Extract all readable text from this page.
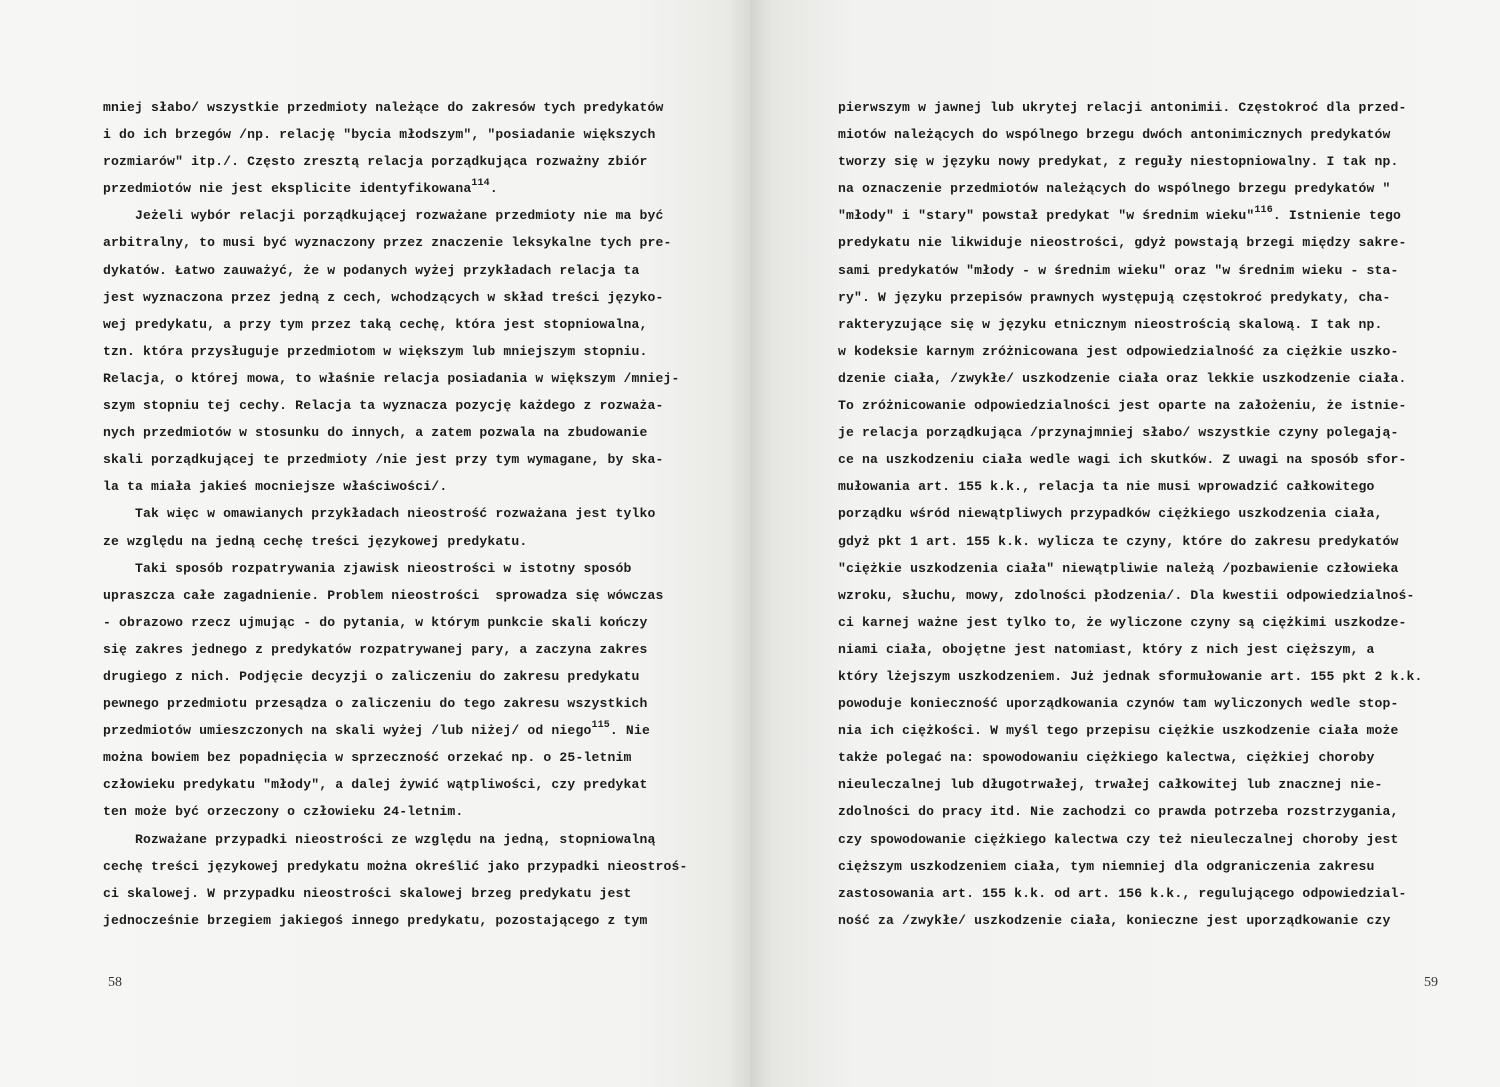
mniej słabo/ wszystkie przedmioty należące do zakresów tych predykatów
i do ich brzegów /np. relację "bycia młodszym", "posiadanie większych
rozmiarów" itp./. Często zresztą relacja porządkująca rozważny zbiór
przedmiotów nie jest eksplicite identyfikowana$^{114}$.
Jeżeli wybór relacji porządkującej rozważane przedmioty nie ma być
arbitralny, to musi być wyznaczony przez znaczenie leksykalne tych pre-
dykatów. Łatwo zauważyć, że w podanych wyżej przykładach relacja ta
jest wyznaczona przez jedną z cech, wchodzących w skład treści językо-
wej predykatu, a przy tym przez taką cechę, która jest stopniowalna,
tzn. która przysługuje przedmiotom w większym lub mniejszym stopniu.
Relacja, o której mowa, to właśnie relacja posiadania w większym /mniej-
szym stopniu tej cechy. Relacja ta wyznacza pozycję każdego z rozważa-
nych przedmiotów w stosunku do innych, a zatem pozwala na zbudowanie
skali porządkującej te przedmioty /nie jest przy tym wymagane, by ska-
la ta miała jakieś mocniejsze właściwości/.
Tak więc w omawianych przykładach nieostrość rozważana jest tylko
ze względu na jedną cechę treści językowej predykatu.
Taki sposób rozpatrywania zjawisk nieostrości w istotny sposób
upraszcza całe zagadnienie. Problem nieostrości  sprowadza się wówczas
- obrazowo rzecz ujmując - do pytania, w którym punkcie skali kończy
się zakres jednego z predykatów rozpatrywanej pary, a zaczyna zakres
drugiego z nich. Podjęcie decyzji o zaliczeniu do zakresu predykatu
pewnego przedmiotu przesądza o zaliczeniu do tego zakresu wszystkich
przedmiotów umieszczonych na skali wyżej /lub niżej/ od niego$^{115}$. Nie
można bowiem bez popadnięcia w sprzeczność orzekać np. o 25-letnim
człowieku predykatu "młody", a dalej żywić wątpliwości, czy predykat
ten może być orzeczony o człowieku 24-letnim.
Rozważane przypadki nieostrości ze względu na jedną, stopniowalną
cechę treści językowej predykatu można określić jako przypadki nieostroś-
ci skalowej. W przypadku nieostrości skalowej brzeg predykatu jest
jednocześnie brzegiem jakiegoś innego predykatu, pozostającego z tym
58
pierwszym w jawnej lub ukrytej relacji antonimii. Częstokroć dla przed-
miotów należących do wspólnego brzegu dwóch antonimicznych predykatów
tworzy się w języku nowy predykat, z reguły niestopniowalny. I tak np.
na oznaczenie przedmiotów należących do wspólnego brzegu predykatów "
"młody" i "stary" powstał predykat "w średnim wieku"$^{116}$. Istnienie tego
predykatu nie likwiduje nieostrości, gdyż powstają brzegi między sakre-
sami predykatów "młody - w średnim wieku" oraz "w średnim wieku - sta-
ry". W języku przepisów prawnych występują częstokroć predykaty, cha-
rakteryzujące się w języku etnicznym nieostrością skalową. I tak np.
w kodeksie karnym zróżnicowana jest odpowiedzialność za ciężkie uszko-
dzenie ciała, /zwykłe/ uszkodzenie ciała oraz lekkie uszkodzenie ciała.
To zróżnicowanie odpowiedzialności jest oparte na założeniu, że istnie-
je relacja porządkująca /przynajmniej słabo/ wszystkie czyny polegają-
ce na uszkodzeniu ciała wedle wagi ich skutków. Z uwagi na sposób sfor-
mułowania art. 155 k.k., relacja ta nie musi wprowadzić całkowitego
porządku wśród niewątpliwych przypadków ciężkiego uszkodzenia ciała,
gdyż pkt 1 art. 155 k.k. wylicza te czyny, które do zakresu predykatów
"ciężkie uszkodzenia ciała" niewątpliwie należą /pozbawienie człowieka
wzroku, słuchu, mowy, zdolności płodzenia/. Dla kwestii odpowiedzialnoś-
ci karnej ważne jest tylko to, że wyliczone czyny są ciężkimi uszkodze-
niami ciała, obojętne jest natomiast, który z nich jest cięższym, a
który lżejszym uszkodzeniem. Już jednak sformułowanie art. 155 pkt 2 k.k.
powoduje konieczność uporządkowania czynów tam wyliczonych wedle stop-
nia ich ciężkości. W myśl tego przepisu ciężkie uszkodzenie ciała może
także polegać na: spowodowaniu ciężkiego kalectwa, ciężkiej choroby
nieuleczalnej lub długotrwałej, trwałej całkowitej lub znacznej nie-
zdolności do pracy itd. Nie zachodzi co prawda potrzeba rozstrzygania,
czy spowodowanie ciężkiego kalectwa czy też nieuleczalnej choroby jest
cięższym uszkodzeniem ciała, tym niemniej dla odgraniczenia zakresu
zastosowania art. 155 k.k. od art. 156 k.k., regulującego odpowiedzial-
ność za /zwykłe/ uszkodzenie ciała, konieczne jest uporządkowanie czy
59
